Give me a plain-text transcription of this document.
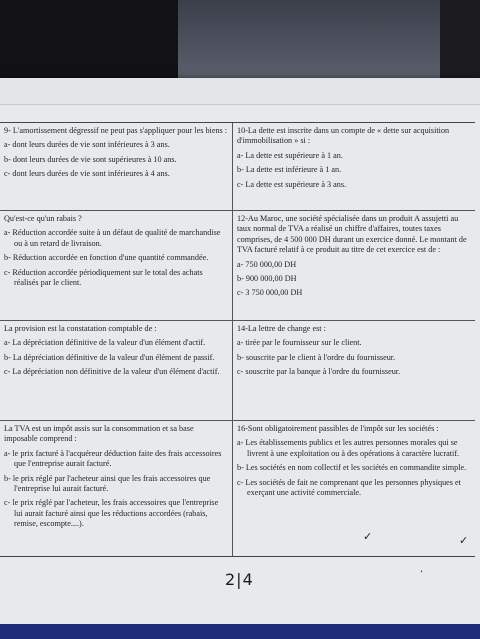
9- L'amortissement dégressif ne peut pas s'appliquer pour les biens :

a- dont leurs durées de vie sont inférieures à 3 ans.

b- dont leurs durées de vie sont supérieures à 10 ans.

c- dont leurs durées de vie sont inférieures à 4 ans.

10-La dette est inscrite dans un compte de « dette sur acquisition d'immobilisation » si :

a- La dette est supérieure à 1 an.

b- La dette est inférieure à 1 an.

c- La dette est supérieure à 3 ans.

Qu'est-ce qu'un rabais ?

a- Réduction accordée suite à un défaut de qualité de marchandise ou à un retard de livraison.

b- Réduction accordée en fonction d'une quantité commandée.

c- Réduction accordée périodiquement sur le total des achats réalisés par le client.

12-Au Maroc, une société spécialisée dans un produit A assujetti au taux normal de TVA a réalisé un chiffre d'affaires, toutes taxes comprises, de 4 500 000 DH durant un exercice donné. Le montant de TVA facturé relatif à ce produit au titre de cet exercice est de :

a- 750 000,00 DH

b- 900 000,00 DH

c- 3 750 000,00 DH

La provision est la constatation comptable de :

a- La dépréciation définitive de la valeur d'un élément d'actif.

b- La dépréciation définitive de la valeur d'un élément de passif.

c- La dépréciation non définitive de la valeur d'un élément d'actif.

14-La lettre de change est :

a- tirée par le fournisseur sur le client.

b- souscrite par le client à l'ordre du fournisseur.

c- souscrite par la banque à l'ordre du fournisseur.

La TVA est un impôt assis sur la consommation et sa base imposable comprend :

a- le prix facturé à l'acquéreur déduction faite des frais accessoires que l'entreprise aurait facturé.

b- le prix réglé par l'acheteur ainsi que les frais accessoires que l'entreprise lui aurait facturé.

c- le prix réglé par l'acheteur, les frais accessoires que l'entreprise lui aurait facturé ainsi que les réductions accordées (rabais, remise, escompte....).

16-Sont obligatoirement passibles de l'impôt sur les sociétés :

a- Les établissements publics et les autres personnes morales qui se livrent à une exploitation ou à des opérations à caractère lucratif.

b- Les sociétés en nom collectif et les sociétés en commandite simple.

c- Les sociétés de fait ne comprenant que les personnes physiques et exerçant une activité commerciale.

2|4
✓	✓
’
